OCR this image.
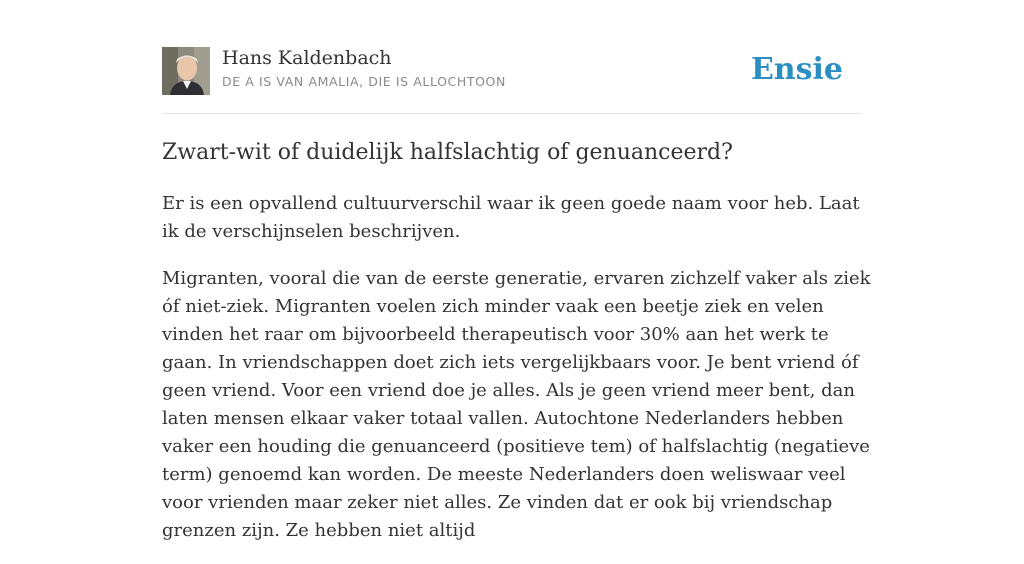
Hans Kaldenbach
DE A IS VAN AMALIA, DIE IS ALLOCHTOON	Ensie
Zwart-wit of duidelijk halfslachtig of genuanceerd?

Er is een opvallend cultuurverschil waar ik geen goede naam voor heb. Laat ik de verschijnselen beschrijven.

Migranten, vooral die van de eerste generatie, ervaren zichzelf vaker als ziek óf niet-ziek. Migranten voelen zich minder vaak een beetje ziek en velen vinden het raar om bijvoorbeeld therapeutisch voor 30% aan het werk te gaan. In vriendschappen doet zich iets vergelijkbaars voor. Je bent vriend óf geen vriend. Voor een vriend doe je alles. Als je geen vriend meer bent, dan laten mensen elkaar vaker totaal vallen. Autochtone Nederlanders hebben vaker een houding die genuanceerd (positieve tem) of halfslachtig (negatieve term) genoemd kan worden. De meeste Nederlanders doen weliswaar veel voor vrienden maar zeker niet alles. Ze vinden dat er ook bij vriendschap grenzen zijn. Ze hebben niet altijd
